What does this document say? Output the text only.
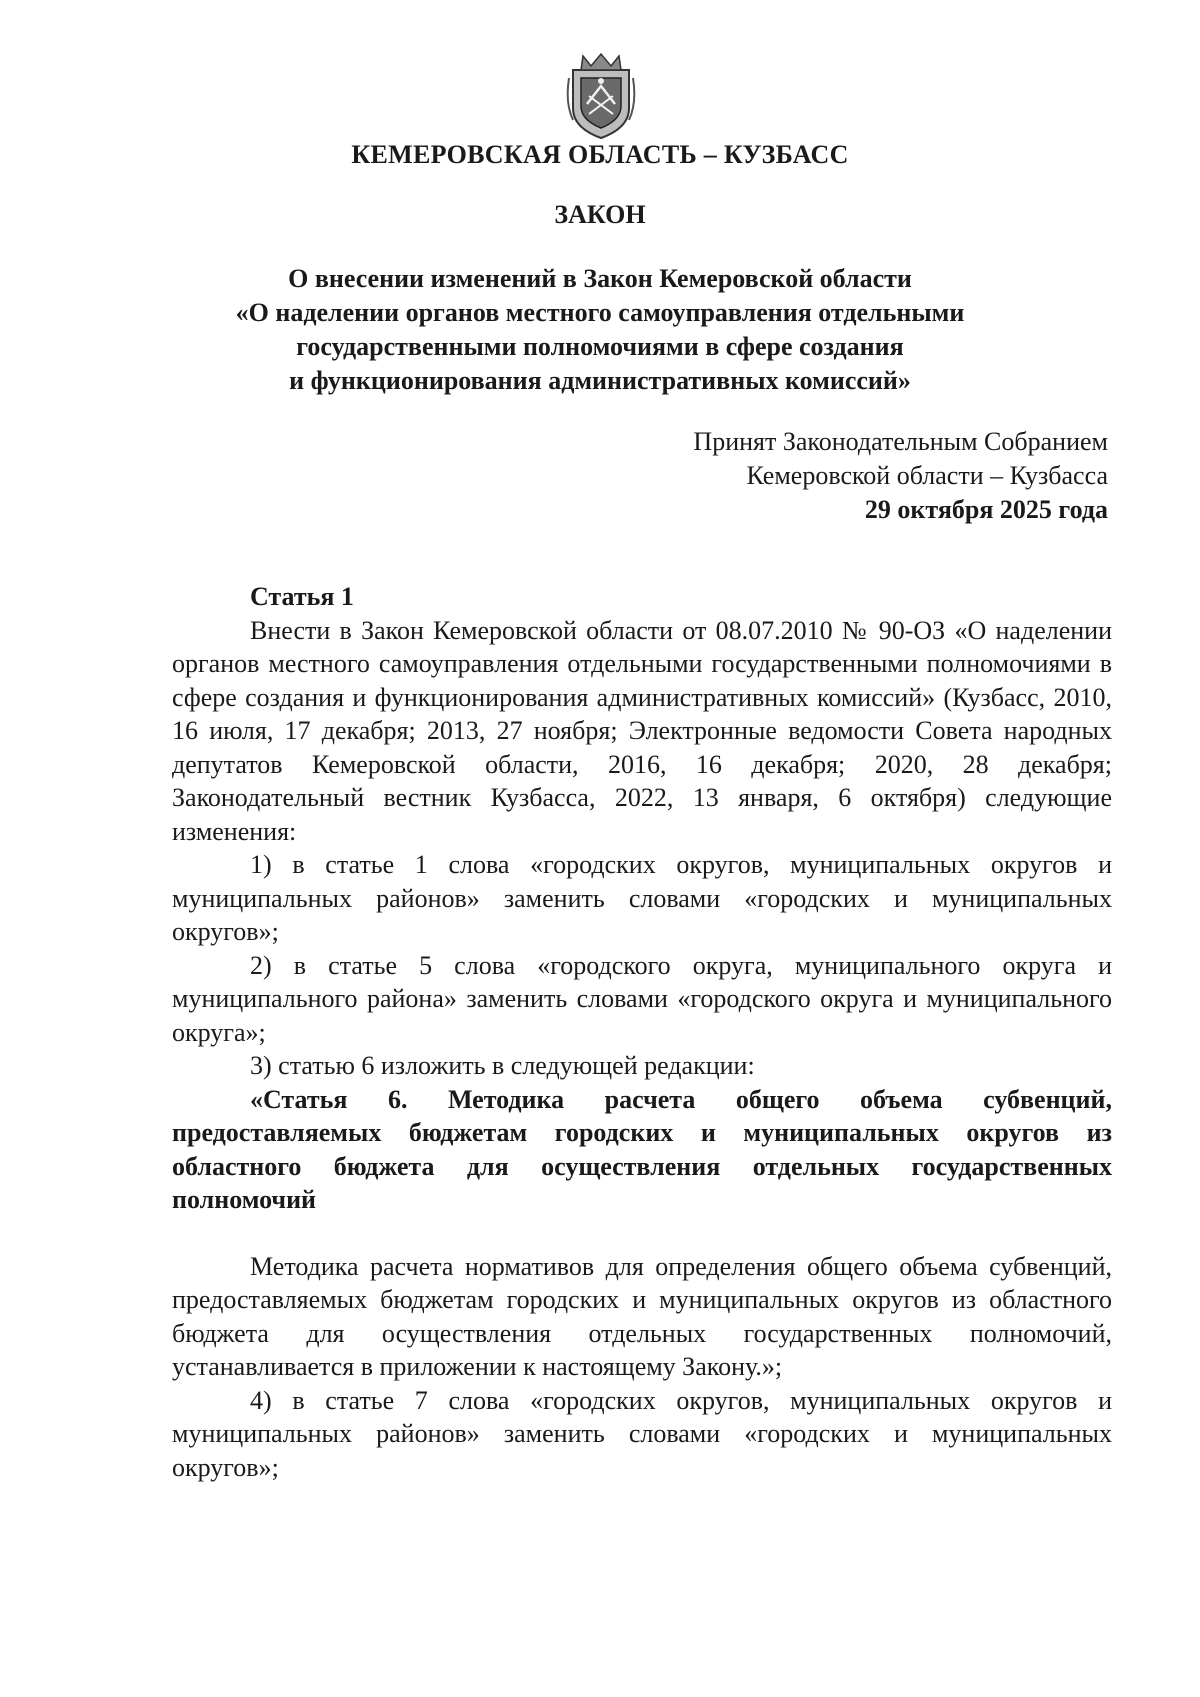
КЕМЕРОВСКАЯ ОБЛАСТЬ – КУЗБАСС
ЗАКОН
О внесении изменений в Закон Кемеровской области
«О наделении органов местного самоуправления отдельными
государственными полномочиями в сфере создания
и функционирования административных комиссий»
Принят Законодательным Собранием
Кемеровской области – Кузбасса
29 октября 2025 года

Статья 1

Внести в Закон Кемеровской области от 08.07.2010 № 90-ОЗ «О наделении органов местного самоуправления отдельными государственными полномочиями в сфере создания и функционирования административных комиссий» (Кузбасс, 2010, 16 июля, 17 декабря; 2013, 27 ноября; Электронные ведомости Совета народных депутатов Кемеровской области, 2016, 16 декабря; 2020, 28 декабря; Законодательный вестник Кузбасса, 2022, 13 января, 6 октября) следующие изменения:

1) в статье 1 слова «городских округов, муниципальных округов и муниципальных районов» заменить словами «городских и муниципальных округов»;

2) в статье 5 слова «городского округа, муниципального округа и муниципального района» заменить словами «городского округа и муниципального округа»;

3) статью 6 изложить в следующей редакции:

«Статья 6. Методика расчета общего объема субвенций, предоставляемых бюджетам городских и муниципальных округов из областного бюджета для осуществления отдельных государственных полномочий

Методика расчета нормативов для определения общего объема субвенций, предоставляемых бюджетам городских и муниципальных округов из областного бюджета для осуществления отдельных государственных полномочий, устанавливается в приложении к настоящему Закону.»;

4) в статье 7 слова «городских округов, муниципальных округов и муниципальных районов» заменить словами «городских и муниципальных округов»;
